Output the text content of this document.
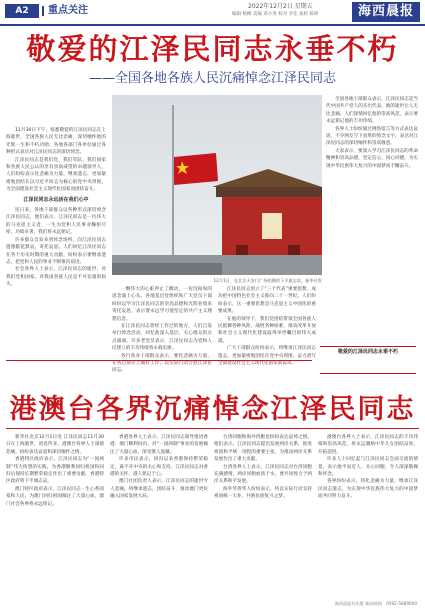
A2	重点关注	2022年12月2日 星期五
编辑 杨柳 美编 邓小英 校对 李佳 质检 陈婷	海西晨报
敬爱的江泽民同志永垂不朽
——全国各地各族人民沉痛悼念江泽民同志

11月30日下午，惊悉敬爱的江泽民同志在上海逝世，全国各族人民无比悲痛，深切缅怀他的光辉一生和不朽功勋。各地各部门各单位通过各种形式表达对江泽民同志的深切悼念。

江泽民同志是我们党、我们军队、我们国家和各族人民公认的享有崇高威望的卓越领导人，人们纷纷表示化悲痛为力量，继承遗志，更加紧密地团结在以习近平同志为核心的党中央周围，为全面建设社会主义现代化国家而团结奋斗。

江泽民同志永远活在我们心中

连日来，各地干部群众以各种形式深切悼念江泽民同志，他们表示，江泽民同志是一位伟大的马克思主义者，一生为党和人民事业鞠躬尽瘁，功绩卓著，我们将永远铭记。

许多群众自发来到悼念场所，向江泽民同志遗像献花默哀，寄托哀思。人们回忆江泽民同志在各个历史时期的重大贡献，纷纷表示要继承遗志，把党和人民的事业不断推向前进。

社会各界人士表示，江泽民同志的逝世，对我们党和国家、对我国各族人民是不可估量的损失。

12月1日，在北京天安门广场拍摄的下半旗志哀。新华社发

一颗伟大的心脏停止了跳动，一份沉甸甸的思念涌上心头。各地基层党组织和广大党员干部纷纷以学习江泽民同志的崇高品德和光辉业绩来寄托哀思，表示要永远学习他坚定的共产主义理想信念。

在江泽民同志曾经工作过的地方，人们自发举行悼念活动，回忆他深入基层、关心群众的点点滴滴。许多老党员表示，江泽民同志为党和人民建立的丰功伟绩将永载史册。

各行各业干部群众表示，要化悲痛为力量，在各自岗位上做好工作，以实际行动告慰江泽民同志。

江泽民同志创立了“三个代表”重要思想，成功把中国特色社会主义推向二十一世纪。人们纷纷表示，这一重要思想是马克思主义中国化的重要成果。

在他的领导下，我们党团结带领全国各族人民抵御各种风险，战胜各种困难，推动改革开放和社会主义现代化建设取得举世瞩目的伟大成就。

广大干部群众纷纷表示，将继承江泽民同志遗志，更加紧密地团结在党中央周围，奋力谱写全面建设社会主义现代化国家新篇章。

全国各地干部群众表示，江泽民同志是当代中国共产党人的杰出代表，他的逝世让人无比悲痛。人们深情回忆他的崇高风范，表示要永远铭记他的丰功伟绩。

各界人士纷纷通过网络留言等方式表达哀思，不少网友写下真挚的悼念文字，表达对江泽民同志的深切缅怀和崇高敬意。

大家表示，要深入学习江泽民同志的革命精神和崇高品德，坚定信心，同心同德，为实现中华民族伟大复兴的中国梦而不懈奋斗。

敬爱的江泽民同志永垂不朽
港澳台各界沉痛悼念江泽民同志

新华社北京12月1日电 江泽民同志11月30日在上海逝世，消息传来，港澳台各界人士深感悲痛，纷纷表达哀思和深切缅怀之情。

香港特区政府表示，江泽民同志为“一国两制”伟大构想的实践、为香港顺利回归祖国和回归后保持长期繁荣稳定作出了重要贡献。香港特区政府将下半旗志哀。

澳门特区政府表示，江泽民同志一生心系国家和人民，为澳门回归祖国倾注了大量心血，澳门社会各界将永远铭记。

香港各界人士表示，江泽民同志领导推进香港、澳门顺利回归，对“一国两制”事业的发展倾注了大量心血，深受港人爱戴。

许多市民表示，回归以来香港保持繁荣稳定，离不开中央的关心和支持。江泽民同志对香港的关怀，港人铭记于心。

澳门社团负责人表示，江泽民同志的逝世令人悲痛，将继承遗志，团结奋斗，推动澳门更好融入国家发展大局。

台湾同胞和海外侨胞也纷纷表达哀悼之情。他们表示，江泽民同志提出发展两岸关系、推进祖国和平统一进程的重要主张，为推动两岸关系发展作出了重大贡献。

台湾各界人士表示，江泽民同志对台湾同胞充满感情，两岸同胞血浓于水，要共同致力于两岸关系和平发展。

海外华侨华人纷纷表示，将以实际行动支持祖国统一大业，共圆民族复兴之梦。

港澳台各界人士表示，江泽民同志的丰功伟绩和崇高风范，将永远激励中华儿女团结奋进、开拓前进。

许多人士回忆起与江泽民同志会面交流的情景，表示他平易近人、关心同胞，令人深深敬佩和怀念。

各界纷纷表示，将化悲痛为力量，继承江泽民同志遗志，为实现中华民族伟大复兴的中国梦而共同努力奋斗。

海西晨报社出版 新闻热线：0592-5889000
